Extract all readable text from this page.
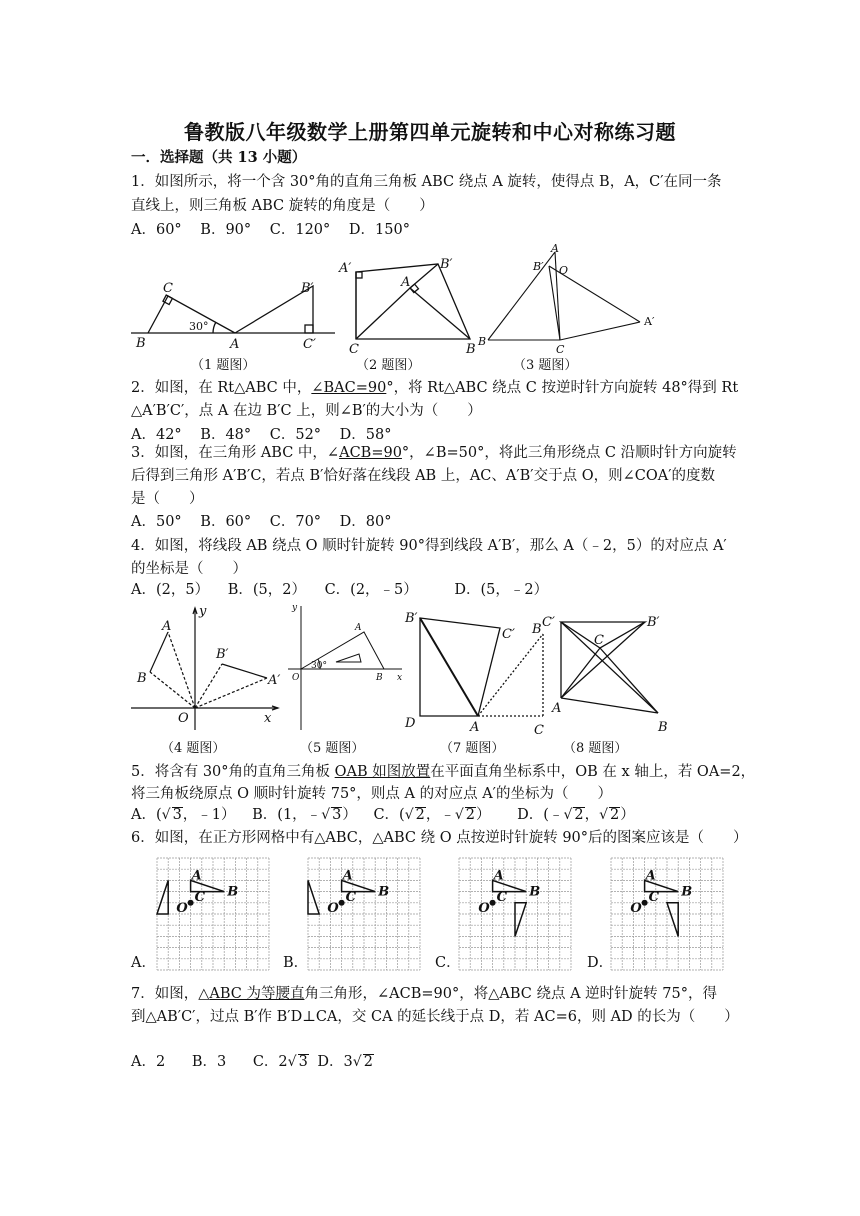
鲁教版八年级数学上册第四单元旋转和中心对称练习题
一．选择题（共 13 小题）
1．如图所示，将一个含 30°角的直角三角板 ABC 绕点 A 旋转，使得点 B，A，C′在同一条
直线上，则三角板 ABC 旋转的角度是（　　）
A．60° B．90° C．120° D．150°
B
C
30°
A
B′
C′
A′	B′
A
C	B
A
B′ O
A′
B
C
（1 题图）	（2 题图）	（3 题图）
2．如图，在 Rt△ABC 中，∠BAC=90°，将 Rt△ABC 绕点 C 按逆时针方向旋转 48°得到 Rt
△A′B′C′，点 A 在边 B′C 上，则∠B′的大小为（　　）
A．42° B．48° C．52° D．58°
3．如图，在三角形 ABC 中，∠ACB=90°，∠B=50°，将此三角形绕点 C 沿顺时针方向旋转
后得到三角形 A′B′C，若点 B′恰好落在线段 AB 上，AC、A′B′交于点 O，则∠COA′的度数
是（　　）
A．50° B．60° C．70° D．80°
4．如图，将线段 AB 绕点 O 顺时针旋转 90°得到线段 A′B′，那么 A（﹣2，5）的对应点 A′
的坐标是（　　）
A．(2，5） B．(5，2） C．(2，﹣5）	D．(5，﹣2）
A
B
B′
A′
O	x
y
A
O	B x
y
30°
B′
C′
D	A	C
B C′	B′
C
A
B
（4 题图）	（5 题图）	（7 题图）	（8 题图）
5．将含有 30°角的直角三角板 OAB 如图放置在平面直角坐标系中，OB 在 x 轴上，若 OA=2，
将三角板绕原点 O 顺时针旋转 75°，则点 A 的对应点 A′的坐标为（　　）
A．(√ 3，﹣1） B．(1，﹣√ 3） C．(√ 2，﹣√ 2） D．(﹣√ 2，√ 2）
6．如图，在正方形网格中有△ABC，△ABC 绕 O 点按逆时针旋转 90°后的图案应该是（　　）
A
B
C
O
A
B
C
O
A
B
C
O
A
B
C
O
A．	B．	C．	D．
7．如图，△ABC 为等腰直角三角形，∠ACB=90°，将△ABC 绕点 A 逆时针旋转 75°，得
到△AB′C′，过点 B′作 B′D⊥CA，交 CA 的延长线于点 D，若 AC=6，则 AD 的长为（　　）
A．2 B．3 C．2√ 3 D．3√ 2
